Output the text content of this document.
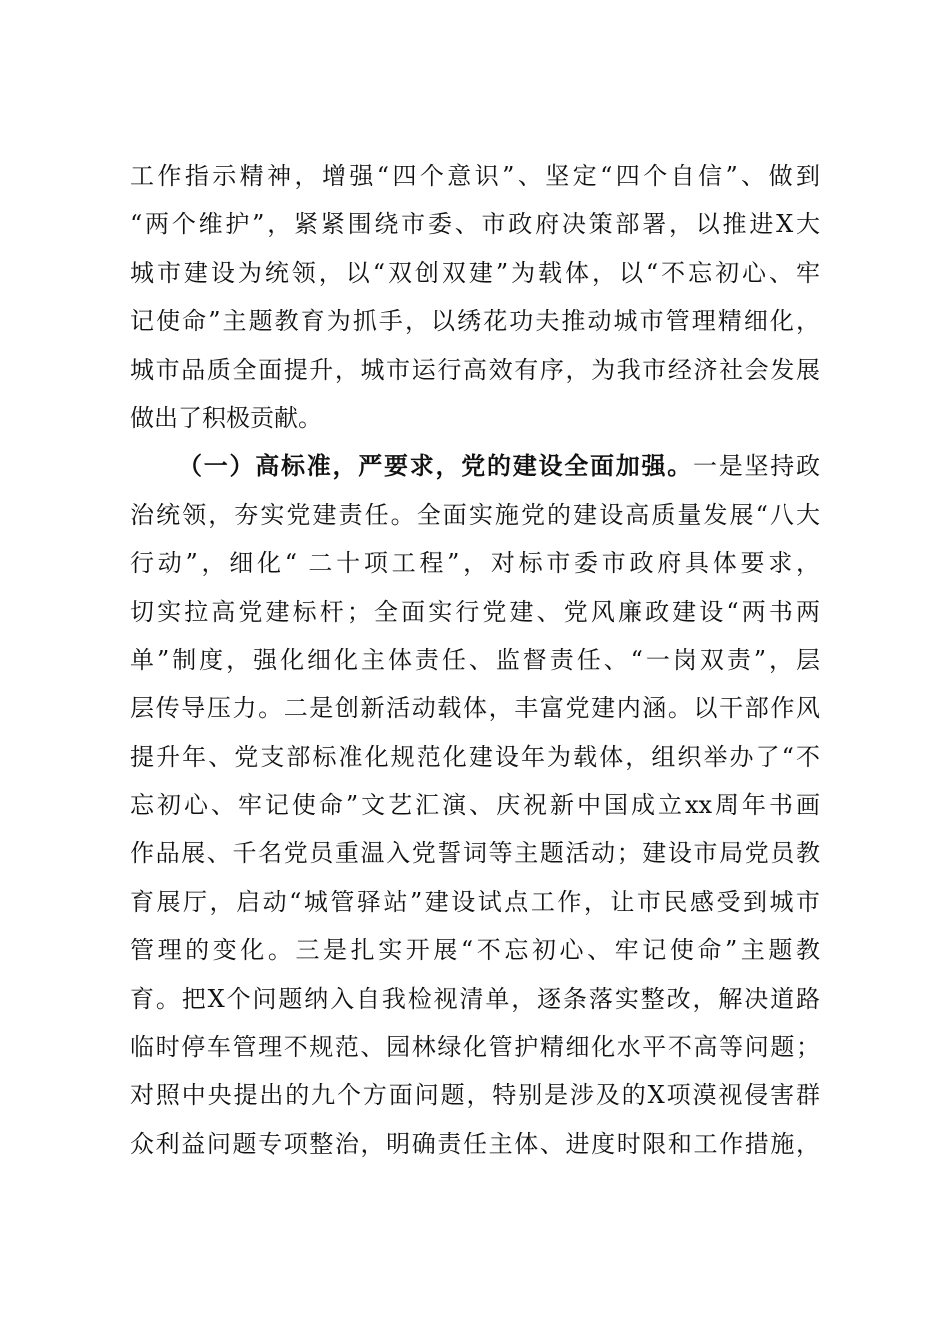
工作指示精神，增强“四个意识”、坚定“四个自信”、做到
“两个维护”，紧紧围绕市委、市政府决策部署，以推进X大
城市建设为统领，以“双创双建”为载体，以“不忘初心、牢
记使命”主题教育为抓手，以绣花功夫推动城市管理精细化，
城市品质全面提升，城市运行高效有序，为我市经济社会发展
做出了积极贡献。
（一）高标准，严要求，党的建设全面加强。一是坚持政
治统领，夯实党建责任。全面实施党的建设高质量发展“八大
行动”，细化“ 二十项工程”，对标市委市政府具体要求，
切实拉高党建标杆；全面实行党建、党风廉政建设“两书两
单”制度，强化细化主体责任、监督责任、“一岗双责”，层
层传导压力。二是创新活动载体，丰富党建内涵。以干部作风
提升年、党支部标准化规范化建设年为载体，组织举办了“不
忘初心、牢记使命”文艺汇演、庆祝新中国成立xx周年书画
作品展、千名党员重温入党誓词等主题活动；建设市局党员教
育展厅，启动“城管驿站”建设试点工作，让市民感受到城市
管理的变化。三是扎实开展“不忘初心、牢记使命”主题教
育。把X个问题纳入自我检视清单，逐条落实整改，解决道路
临时停车管理不规范、园林绿化管护精细化水平不高等问题；
对照中央提出的九个方面问题，特别是涉及的X项漠视侵害群
众利益问题专项整治，明确责任主体、进度时限和工作措施，
